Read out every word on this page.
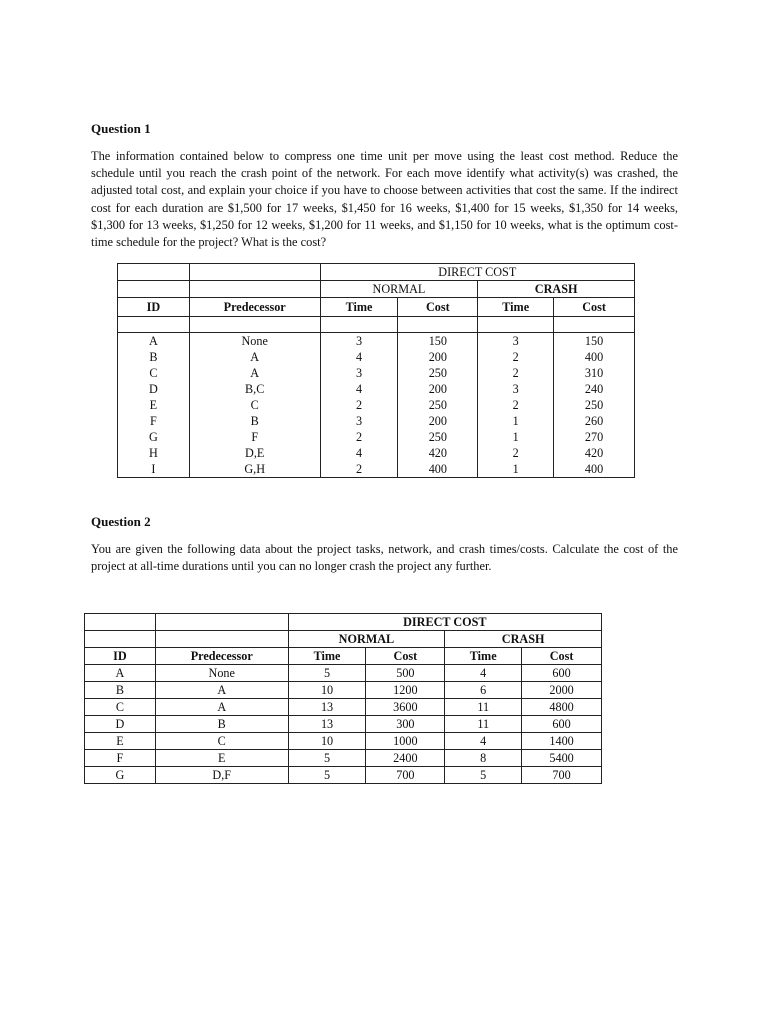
Question 1
The information contained below to compress one time unit per move using the least cost method. Reduce the schedule until you reach the crash point of the network. For each move identify what activity(s) was crashed, the adjusted total cost, and explain your choice if you have to choose between activities that cost the same. If the indirect cost for each duration are $1,500 for 17 weeks, $1,450 for 16 weeks, $1,400 for 15 weeks, $1,350 for 14 weeks, $1,300 for 13 weeks, $1,250 for 12 weeks, $1,200 for 11 weeks, and $1,150 for 10 weeks, what is the optimum cost-time schedule for the project? What is the cost?
		DIRECT COST			
		NORMAL		CRASH	
ID	Predecessor	Time	Cost	Time	Cost

A	None	3	150	3	150
B	A	4	200	2	400
C	A	3	250	2	310
D	B,C	4	200	3	240
E	C	2	250	2	250
F	B	3	200	1	260
G	F	2	250	1	270
H	D,E	4	420	2	420
I	G,H	2	400	1	400
Question 2
You are given the following data about the project tasks, network, and crash times/costs. Calculate the cost of the project at all-time durations until you can no longer crash the project any further.
		DIRECT COST			
		NORMAL		CRASH	
ID	Predecessor	Time	Cost	Time	Cost
A	None	5	500	4	600
B	A	10	1200	6	2000
C	A	13	3600	11	4800
D	B	13	300	11	600
E	C	10	1000	4	1400
F	E	5	2400	8	5400
G	D,F	5	700	5	700
